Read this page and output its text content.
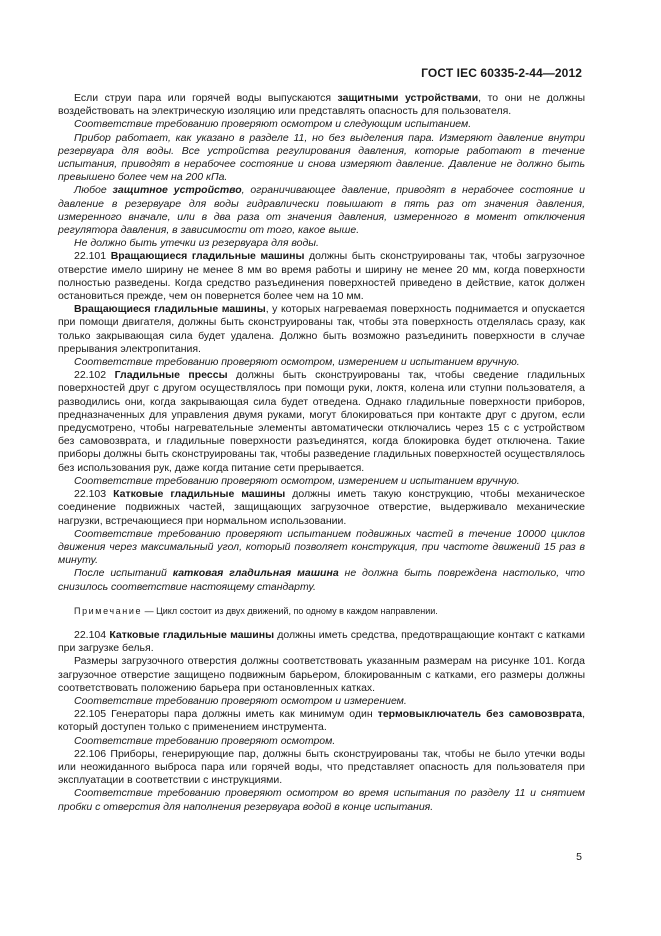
ГОСТ IEC 60335-2-44—2012

Если струи пара или горячей воды выпускаются защитными устройствами, то они не должны воздействовать на электрическую изоляцию или представлять опасность для пользователя.

Соответствие требованию проверяют осмотром и следующим испытанием.

Прибор работает, как указано в разделе 11, но без выделения пара. Измеряют давление внутри резервуара для воды. Все устройства регулирования давления, которые работают в течение испытания, приводят в нерабочее состояние и снова измеряют давление. Давление не должно быть превышено более чем на 200 кПа.

Любое защитное устройство, ограничивающее давление, приводят в нерабочее состояние и давление в резервуаре для воды гидравлически повышают в пять раз от значения давления, измеренного вначале, или в два раза от значения давления, измеренного в момент отключения регулятора давления, в зависимости от того, какое выше.

Не должно быть утечки из резервуара для воды.

22.101 Вращающиеся гладильные машины должны быть сконструированы так, чтобы загрузочное отверстие имело ширину не менее 8 мм во время работы и ширину не менее 20 мм, когда поверхности полностью разведены. Когда средство разъединения поверхностей приведено в действие, каток должен остановиться прежде, чем он повернется более чем на 10 мм.

Вращающиеся гладильные машины, у которых нагреваемая поверхность поднимается и опускается при помощи двигателя, должны быть сконструированы так, чтобы эта поверхность отделялась сразу, как только закрывающая сила будет удалена. Должно быть возможно разъединить поверхности в случае прерывания электропитания.

Соответствие требованию проверяют осмотром, измерением и испытанием вручную.

22.102 Гладильные прессы должны быть сконструированы так, чтобы сведение гладильных поверхностей друг с другом осуществлялось при помощи руки, локтя, колена или ступни пользователя, а разводились они, когда закрывающая сила будет отведена. Однако гладильные поверхности приборов, предназначенных для управления двумя руками, могут блокироваться при контакте друг с другом, если предусмотрено, чтобы нагревательные элементы автоматически отключались через 15 с с устройством без самовозврата, и гладильные поверхности разъединятся, когда блокировка будет отключена. Такие приборы должны быть сконструированы так, чтобы разведение гладильных поверхностей осуществлялось без использования рук, даже когда питание сети прерывается.

Соответствие требованию проверяют осмотром, измерением и испытанием вручную.

22.103 Катковые гладильные машины должны иметь такую конструкцию, чтобы механическое соединение подвижных частей, защищающих загрузочное отверстие, выдерживало механические нагрузки, встречающиеся при нормальном использовании.

Соответствие требованию проверяют испытанием подвижных частей в течение 10000 циклов движения через максимальный угол, который позволяет конструкция, при частоте движений 15 раз в минуту.

После испытаний катковая гладильная машина не должна быть повреждена настолько, что снизилось соответствие настоящему стандарту.

Примечание — Цикл состоит из двух движений, по одному в каждом направлении.

22.104 Катковые гладильные машины должны иметь средства, предотвращающие контакт с катками при загрузке белья.

Размеры загрузочного отверстия должны соответствовать указанным размерам на рисунке 101. Когда загрузочное отверстие защищено подвижным барьером, блокированным с катками, его размеры должны соответствовать положению барьера при остановленных катках.

Соответствие требованию проверяют осмотром и измерением.

22.105 Генераторы пара должны иметь как минимум один термовыключатель без самовозврата, который доступен только с применением инструмента.

Соответствие требованию проверяют осмотром.

22.106 Приборы, генерирующие пар, должны быть сконструированы так, чтобы не было утечки воды или неожиданного выброса пара или горячей воды, что представляет опасность для пользователя при эксплуатации в соответствии с инструкциями.

Соответствие требованию проверяют осмотром во время испытания по разделу 11 и снятием пробки с отверстия для наполнения резервуара водой в конце испытания.

5
